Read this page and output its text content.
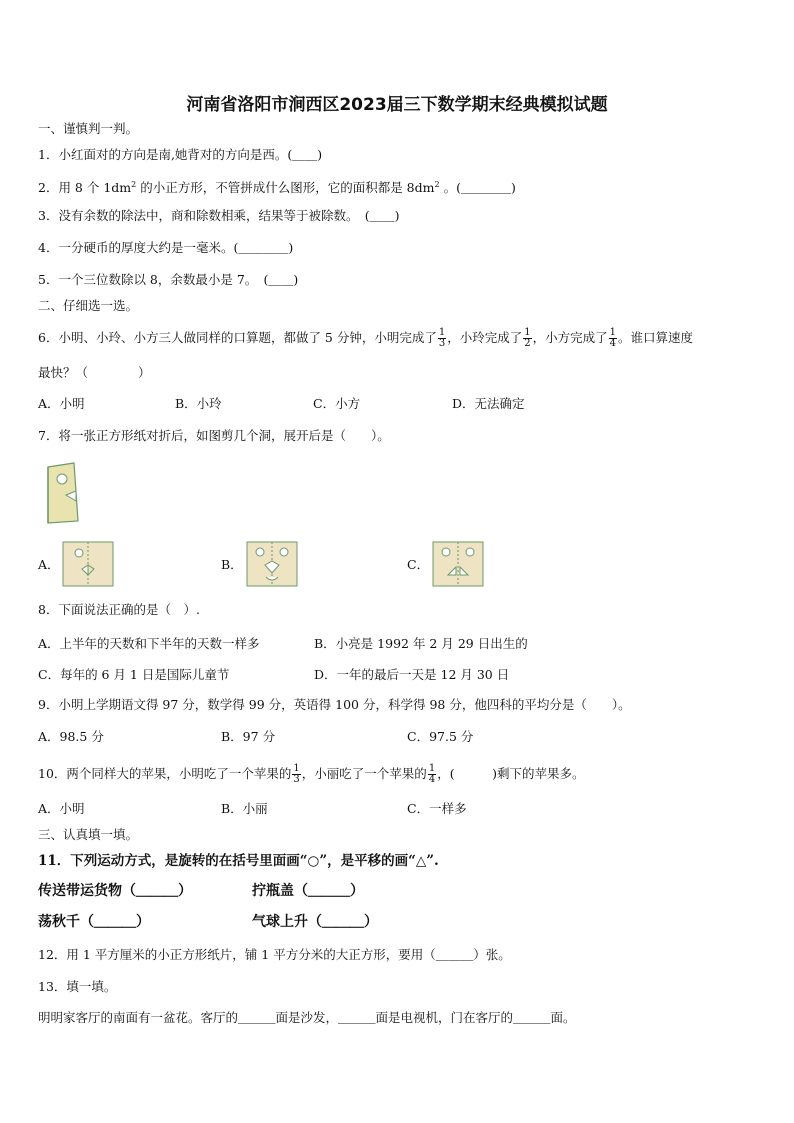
河南省洛阳市涧西区2023届三下数学期末经典模拟试题
一、谨慎判一判。
1．小红面对的方向是南,她背对的方向是西。(＿＿)
2．用 8 个 $1dm^2$ 的小正方形，不管拼成什么图形，它的面积都是 $8dm^2$ 。(＿＿＿＿)
3．没有余数的除法中，商和除数相乘，结果等于被除数。　(＿＿)
4．一分硬币的厚度大约是一毫米。(＿＿＿＿)
5．一个三位数除以 8，余数最小是 7。　(＿＿)
二、仔细选一选。
6．小明、小玲、小方三人做同样的口算题，都做了 5 分钟，小明完成了 $\frac{1}{3}$ ，小玲完成了 $\frac{1}{2}$ ，小方完成了 $\frac{1}{4}$ 。谁口算速度
最快？（　　　　）
A．小明	B．小玲	C．小方	D．无法确定
7．将一张正方形纸对折后，如图剪几个洞，展开后是（　　）。
A．	B．	C．
8．下面说法正确的是（　）.
A．上半年的天数和下半年的天数一样多	B．小亮是 1992 年 2 月 29 日出生的
C．每年的 6 月 1 日是国际儿童节	D．一年的最后一天是 12 月 30 日
9．小明上学期语文得 97 分，数学得 99 分，英语得 100 分，科学得 98 分，他四科的平均分是（　　）。
A．98.5 分	B．97 分	C．97.5 分
10．两个同样大的苹果，小明吃了一个苹果的 $\frac{1}{3}$ ，小丽吃了一个苹果的 $\frac{1}{4}$ ，(　　　)剩下的苹果多。
A．小明	B．小丽	C．一样多
三、认真填一填。
11．下列运动方式，是旋转的在括号里面画“○”，是平移的画“△”.
传送带运货物（＿＿＿）	拧瓶盖（＿＿＿）
荡秋千（＿＿＿）	气球上升（＿＿＿）
12．用 1 平方厘米的小正方形纸片，铺 1 平方分米的大正方形，要用（＿＿＿）张。
13．填一填。
明明家客厅的南面有一盆花。客厅的＿＿＿面是沙发，＿＿＿面是电视机，门在客厅的＿＿＿面。
